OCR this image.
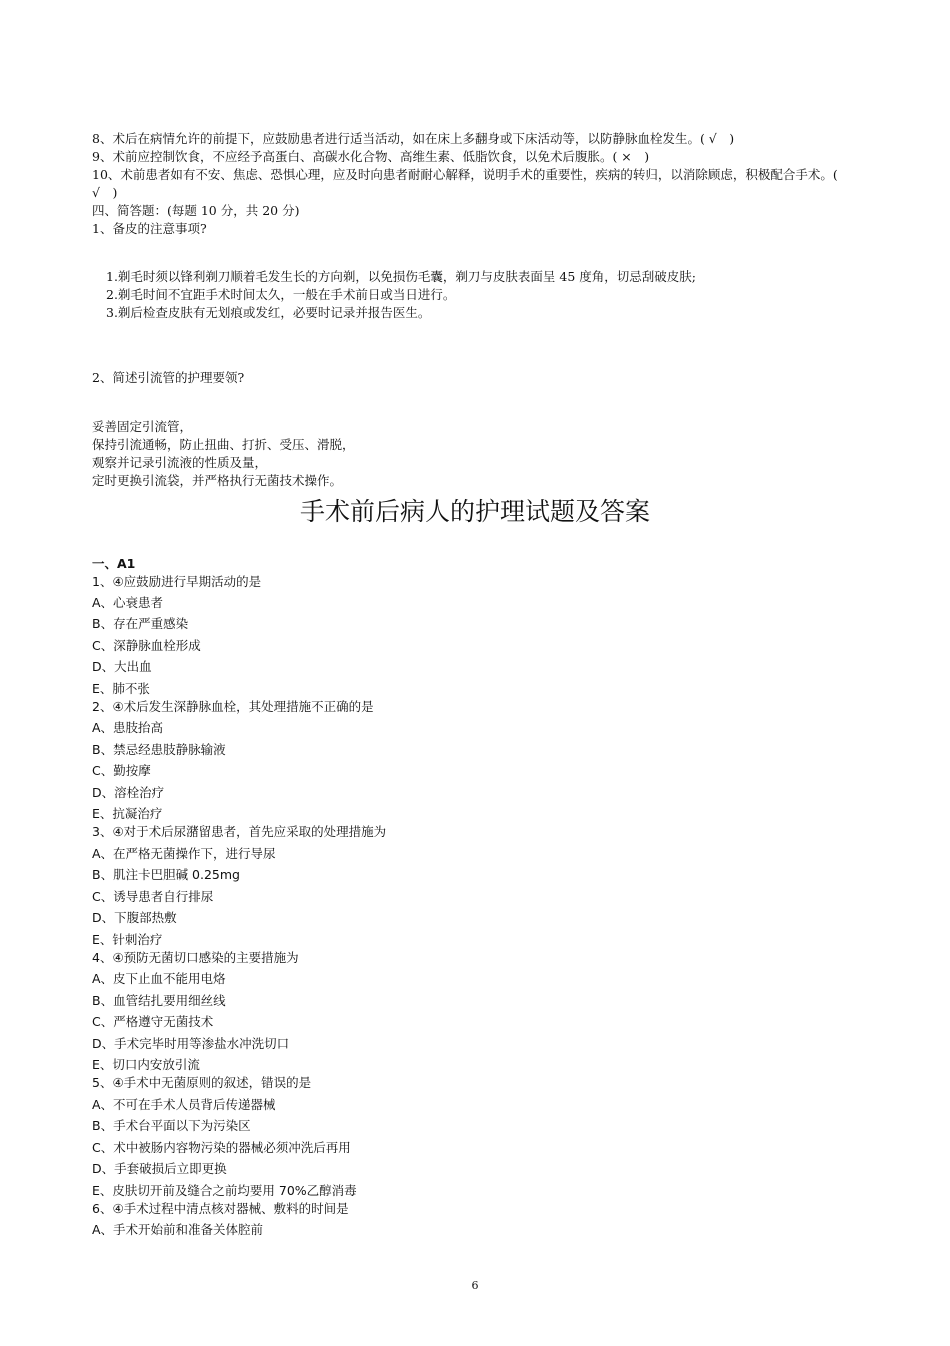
8、术后在病情允许的前提下，应鼓励患者进行适当活动，如在床上多翻身或下床活动等，以防静脉血栓发生。( √　)
9、术前应控制饮食，不应经予高蛋白、高碳水化合物、高维生素、低脂饮食，以免术后腹胀。( ×　)
10、术前患者如有不安、焦虑、恐惧心理，应及时向患者耐耐心解释，说明手术的重要性，疾病的转归，以消除顾虑，积极配合手术。( √　)
四、简答题：(每题 10 分，共 20 分)
1、备皮的注意事项?
1.剃毛时须以锋利剃刀顺着毛发生长的方向剃，以免损伤毛囊，剃刀与皮肤表面呈 45 度角，切忌刮破皮肤;
2.剃毛时间不宜距手术时间太久，一般在手术前日或当日进行。
3.剃后检查皮肤有无划痕或发红，必要时记录并报告医生。
2、简述引流管的护理要领?
妥善固定引流管，
保持引流通畅，防止扭曲、打折、受压、滑脱，
观察并记录引流液的性质及量，
定时更换引流袋，并严格执行无菌技术操作。
手术前后病人的护理试题及答案
一、A1
1、④应鼓励进行早期活动的是
A、心衰患者
B、存在严重感染
C、深静脉血栓形成
D、大出血
E、肺不张
2、④术后发生深静脉血栓，其处理措施不正确的是
A、患肢抬高
B、禁忌经患肢静脉输液
C、勤按摩
D、溶栓治疗
E、抗凝治疗
3、④对于术后尿潴留患者，首先应采取的处理措施为
A、在严格无菌操作下，进行导尿
B、肌注卡巴胆碱 0.25mg
C、诱导患者自行排尿
D、下腹部热敷
E、针刺治疗
4、④预防无菌切口感染的主要措施为
A、皮下止血不能用电烙
B、血管结扎要用细丝线
C、严格遵守无菌技术
D、手术完毕时用等渗盐水冲洗切口
E、切口内安放引流
5、④手术中无菌原则的叙述，错误的是
A、不可在手术人员背后传递器械
B、手术台平面以下为污染区
C、术中被肠内容物污染的器械必须冲洗后再用
D、手套破损后立即更换
E、皮肤切开前及缝合之前均要用 70%乙醇消毒
6、④手术过程中清点核对器械、敷料的时间是
A、手术开始前和准备关体腔前
6
